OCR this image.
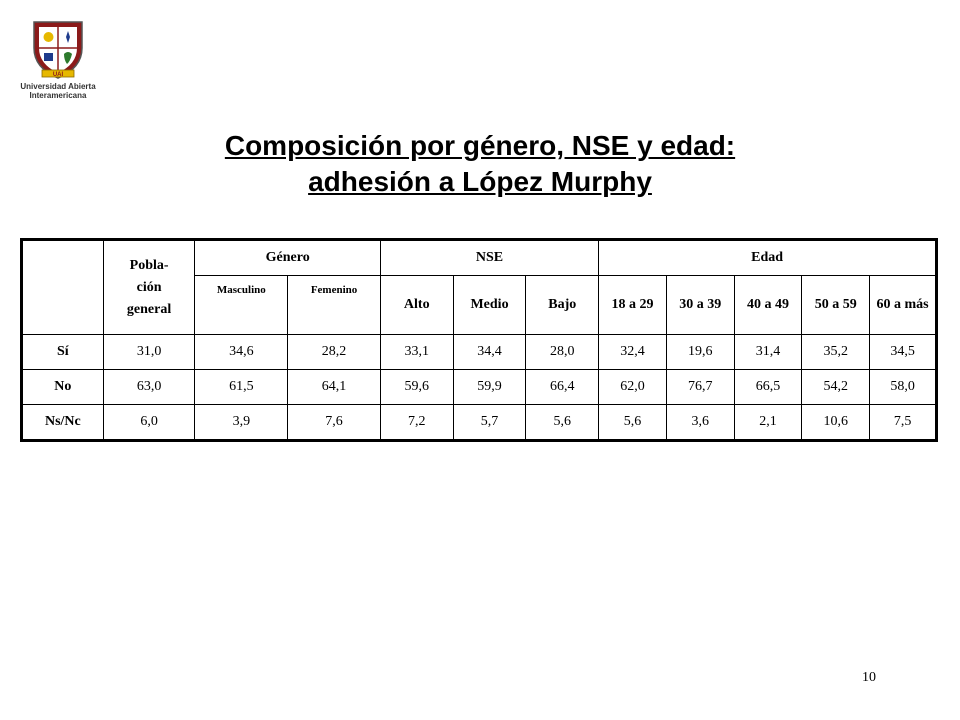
UAI
Universidad Abierta
Interamericana
Composición por género, NSE y edad:
adhesión a López Murphy

	Pobla-
ción
general	Género		NSE			Edad				
		Masculino	Femenino	Alto	Medio	Bajo	18 a 29	30 a 39	40 a 49	50 a 59	60 a más
Sí	31,0	34,6	28,2	33,1	34,4	28,0	32,4	19,6	31,4	35,2	34,5
No	63,0	61,5	64,1	59,6	59,9	66,4	62,0	76,7	66,5	54,2	58,0
Ns/Nc	6,0	3,9	7,6	7,2	5,7	5,6	5,6	3,6	2,1	10,6	7,5
10
